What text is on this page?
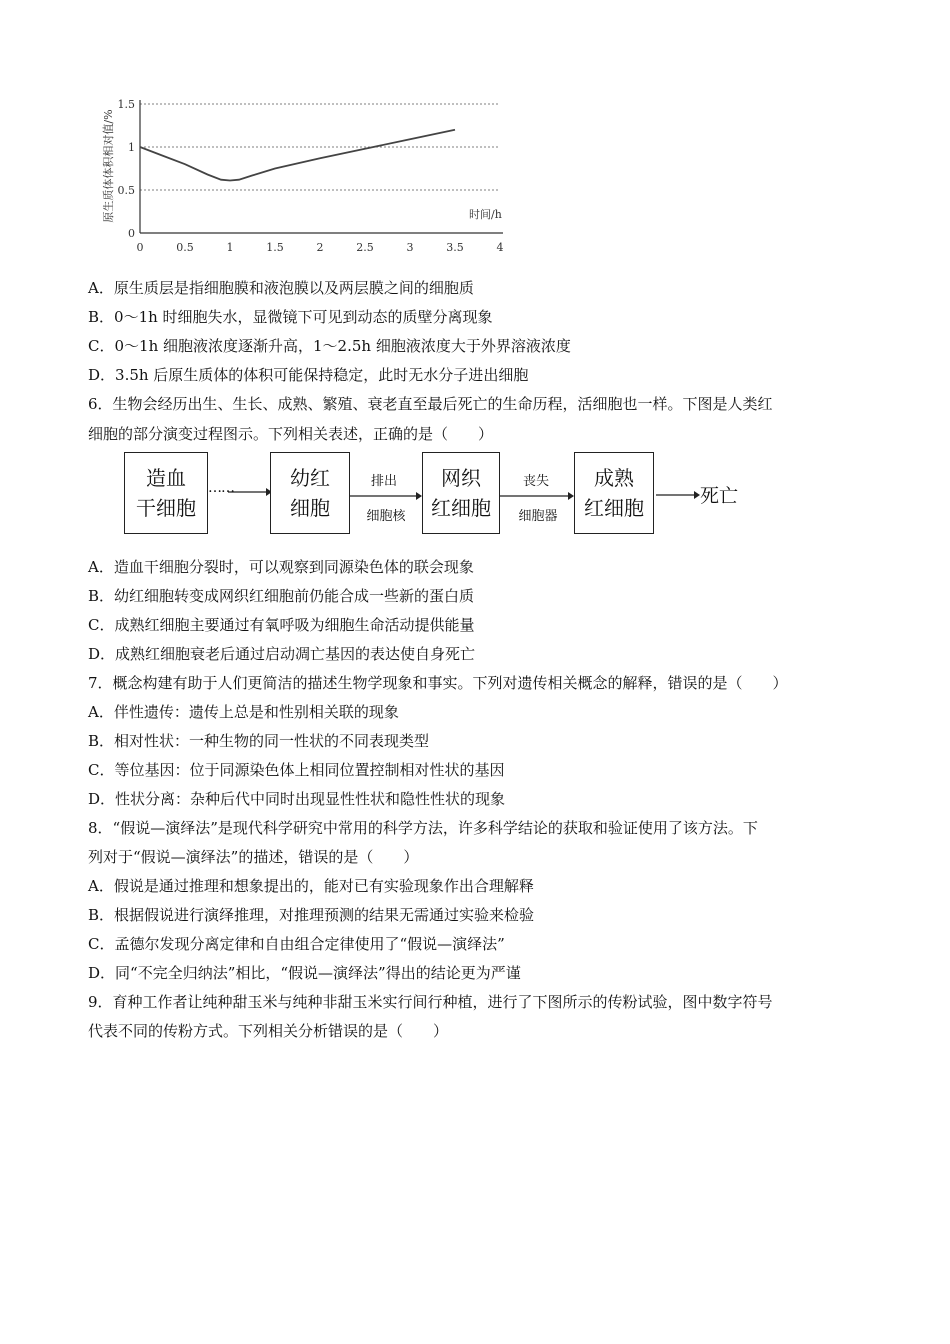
0
0.5
1
1.5
0	0.5	1	1.5	2	2.5	3	3.5	4
时间/h
原生质体体积相对值/%
A．原生质层是指细胞膜和液泡膜以及两层膜之间的细胞质
B．0～1h 时细胞失水，显微镜下可见到动态的质壁分离现象
C．0～1h 细胞液浓度逐渐升高，1～2.5h 细胞液浓度大于外界溶液浓度
D．3.5h 后原生质体的体积可能保持稳定，此时无水分子进出细胞
6．生物会经历出生、生长、成熟、繁殖、衰老直至最后死亡的生命历程，活细胞也一样。下图是人类红
细胞的部分演变过程图示。下列相关表述，正确的是（　　）
造血
干细胞
……	幼红
细胞
排出
细胞核
网织
红细胞
丧失
细胞器
成熟
红细胞	死亡
A．造血干细胞分裂时，可以观察到同源染色体的联会现象
B．幼红细胞转变成网织红细胞前仍能合成一些新的蛋白质
C．成熟红细胞主要通过有氧呼吸为细胞生命活动提供能量
D．成熟红细胞衰老后通过启动凋亡基因的表达使自身死亡
7．概念构建有助于人们更简洁的描述生物学现象和事实。下列对遗传相关概念的解释，错误的是（　　）
A．伴性遗传：遗传上总是和性别相关联的现象
B．相对性状：一种生物的同一性状的不同表现类型
C．等位基因：位于同源染色体上相同位置控制相对性状的基因
D．性状分离：杂种后代中同时出现显性性状和隐性性状的现象
8．“假说—演绎法”是现代科学研究中常用的科学方法，许多科学结论的获取和验证使用了该方法。下
列对于“假说—演绎法”的描述，错误的是（　　）
A．假说是通过推理和想象提出的，能对已有实验现象作出合理解释
B．根据假说进行演绎推理，对推理预测的结果无需通过实验来检验
C．孟德尔发现分离定律和自由组合定律使用了“假说—演绎法”
D．同“不完全归纳法”相比，“假说—演绎法”得出的结论更为严谨
9．育种工作者让纯种甜玉米与纯种非甜玉米实行间行种植，进行了下图所示的传粉试验，图中数字符号
代表不同的传粉方式。下列相关分析错误的是（　　）
